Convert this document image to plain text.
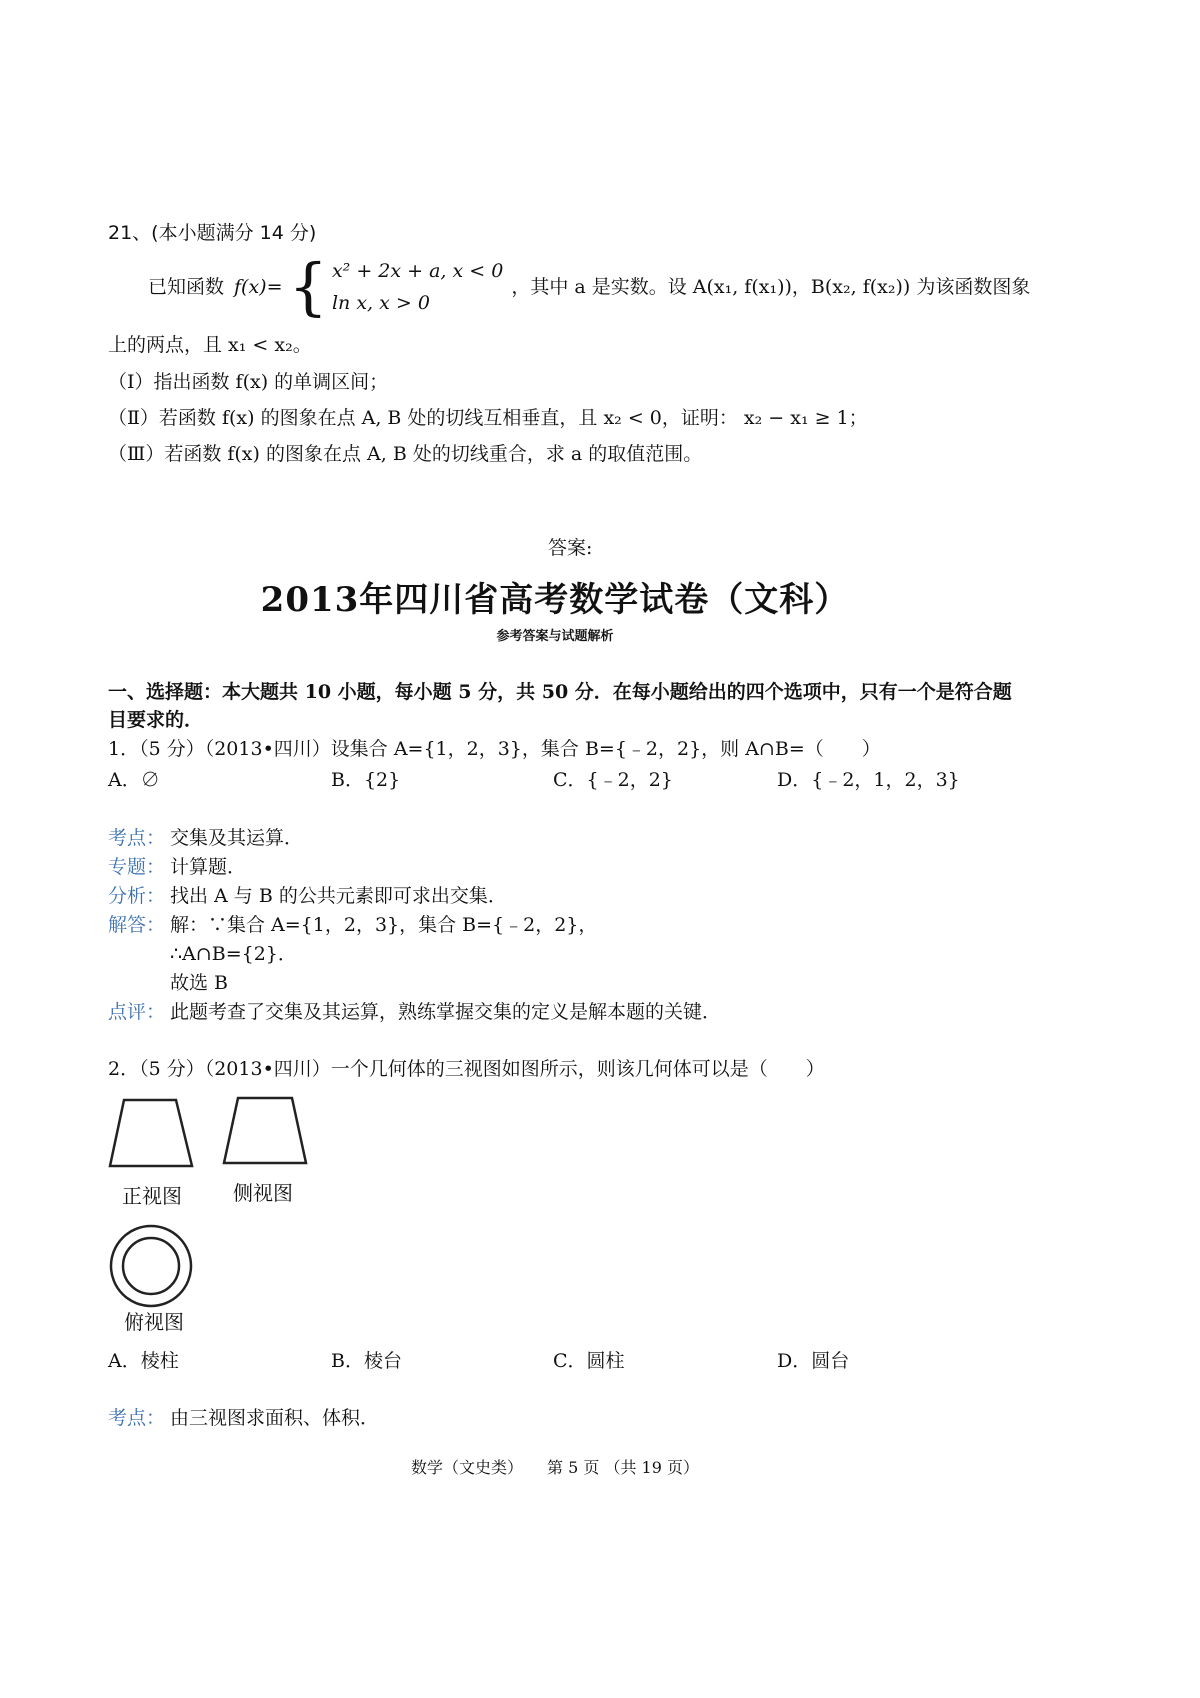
21、(本小题满分 14 分)
已知函数 f(x)= { x² + 2x + a, x < 0
ln x, x > 0
，其中 a 是实数。设 A(x₁, f(x₁))，B(x₂, f(x₂)) 为该函数图象
上的两点，且 x₁ < x₂。
（Ⅰ）指出函数 f(x) 的单调区间；
（Ⅱ）若函数 f(x) 的图象在点 A, B 处的切线互相垂直，且 x₂ < 0，证明： x₂ − x₁ ≥ 1；
（Ⅲ）若函数 f(x) 的图象在点 A, B 处的切线重合，求 a 的取值范围。
答案:
2013年四川省高考数学试卷（文科）
参考答案与试题解析
一、选择题：本大题共 10 小题，每小题 5 分，共 50 分．在每小题给出的四个选项中，只有一个是符合题
目要求的．
1．（5 分）（2013•四川）设集合 A={1，2，3}，集合 B={﹣2，2}，则 A∩B=（　　）
A．∅	B．{2}	C．{﹣2，2}	D．{﹣2，1，2，3}
考点： 交集及其运算．
专题： 计算题．
分析： 找出 A 与 B 的公共元素即可求出交集．
解答： 解：∵集合 A={1，2，3}，集合 B={﹣2，2}，
∴A∩B={2}．
故选 B
点评： 此题考查了交集及其运算，熟练掌握交集的定义是解本题的关键．
2．（5 分）（2013•四川）一个几何体的三视图如图所示，则该几何体可以是（　　）
正视图	侧视图
俯视图
A．棱柱	B．棱台	C．圆柱	D．圆台
考点： 由三视图求面积、体积．
数学（文史类）　　第 5 页 （共 19 页）
